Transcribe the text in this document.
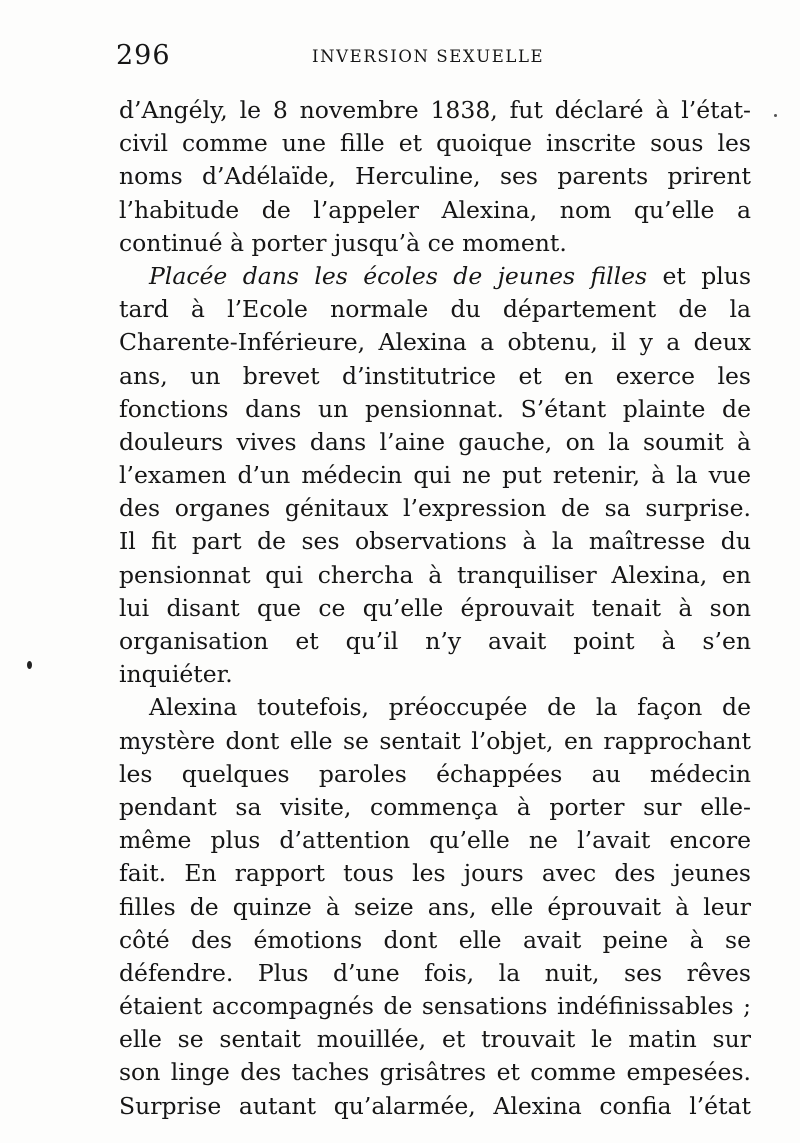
296	INVERSION SEXUELLE
d’Angély, le 8 novembre 1838, fut déclaré à l’état-
civil comme une fille et quoique inscrite sous les
noms d’Adélaïde, Herculine, ses parents prirent
l’habitude de l’appeler Alexina, nom qu’elle a
continué à porter jusqu’à ce moment.
Placée dans les écoles de jeunes filles et plus
tard à l’Ecole normale du département de la
Charente-Inférieure, Alexina a obtenu, il y a deux
ans, un brevet d’institutrice et en exerce les
fonctions dans un pensionnat. S’étant plainte de
douleurs vives dans l’aine gauche, on la soumit à
l’examen d’un médecin qui ne put retenir, à la vue
des organes génitaux l’expression de sa surprise.
Il fit part de ses observations à la maîtresse du
pensionnat qui chercha à tranquiliser Alexina, en
lui disant que ce qu’elle éprouvait tenait à son
organisation et qu’il n’y avait point à s’en
inquiéter.
Alexina toutefois, préoccupée de la façon de
mystère dont elle se sentait l’objet, en rapprochant
les quelques paroles échappées au médecin
pendant sa visite, commença à porter sur elle-
même plus d’attention qu’elle ne l’avait encore
fait. En rapport tous les jours avec des jeunes
filles de quinze à seize ans, elle éprouvait à leur
côté des émotions dont elle avait peine à se
défendre. Plus d’une fois, la nuit, ses rêves
étaient accompagnés de sensations indéfinissables ;
elle se sentait mouillée, et trouvait le matin sur
son linge des taches grisâtres et comme empesées.
Surprise autant qu’alarmée, Alexina confia l’état
